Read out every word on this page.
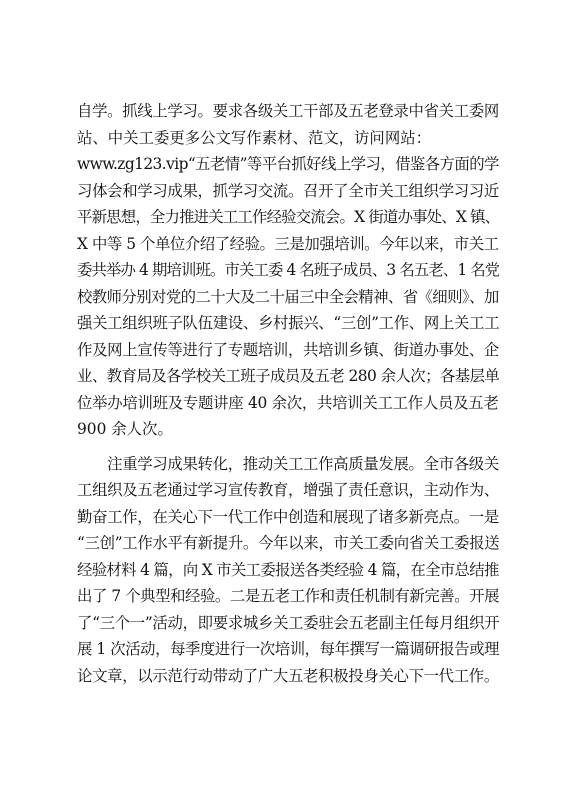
自学。抓线上学习。要求各级关工干部及五老登录中省关工委网
站、中关工委更多公文写作素材、范文，访问网站：
www.zg123.vip“五老情”等平台抓好线上学习，借鉴各方面的学
习体会和学习成果，抓学习交流。召开了全市关工组织学习习近
平新思想，全力推进关工工作经验交流会。X 街道办事处、X 镇、
X 中等 5 个单位介绍了经验。三是加强培训。今年以来，市关工
委共举办 4 期培训班。市关工委 4 名班子成员、3 名五老、1 名党
校教师分别对党的二十大及二十届三中全会精神、省《细则》、加
强关工组织班子队伍建设、乡村振兴、“三创”工作、网上关工工
作及网上宣传等进行了专题培训，共培训乡镇、街道办事处、企
业、教育局及各学校关工班子成员及五老 280 余人次；各基层单
位举办培训班及专题讲座 40 余次，共培训关工工作人员及五老
900 余人次。
　　注重学习成果转化，推动关工工作高质量发展。全市各级关
工组织及五老通过学习宣传教育，增强了责任意识，主动作为、
勤奋工作，在关心下一代工作中创造和展现了诸多新亮点。一是
“三创”工作水平有新提升。今年以来，市关工委向省关工委报送
经验材料 4 篇，向 X 市关工委报送各类经验 4 篇，在全市总结推
出了 7 个典型和经验。二是五老工作和责任机制有新完善。开展
了“三个一”活动，即要求城乡关工委驻会五老副主任每月组织开
展 1 次活动，每季度进行一次培训，每年撰写一篇调研报告或理
论文章，以示范行动带动了广大五老积极投身关心下一代工作。
